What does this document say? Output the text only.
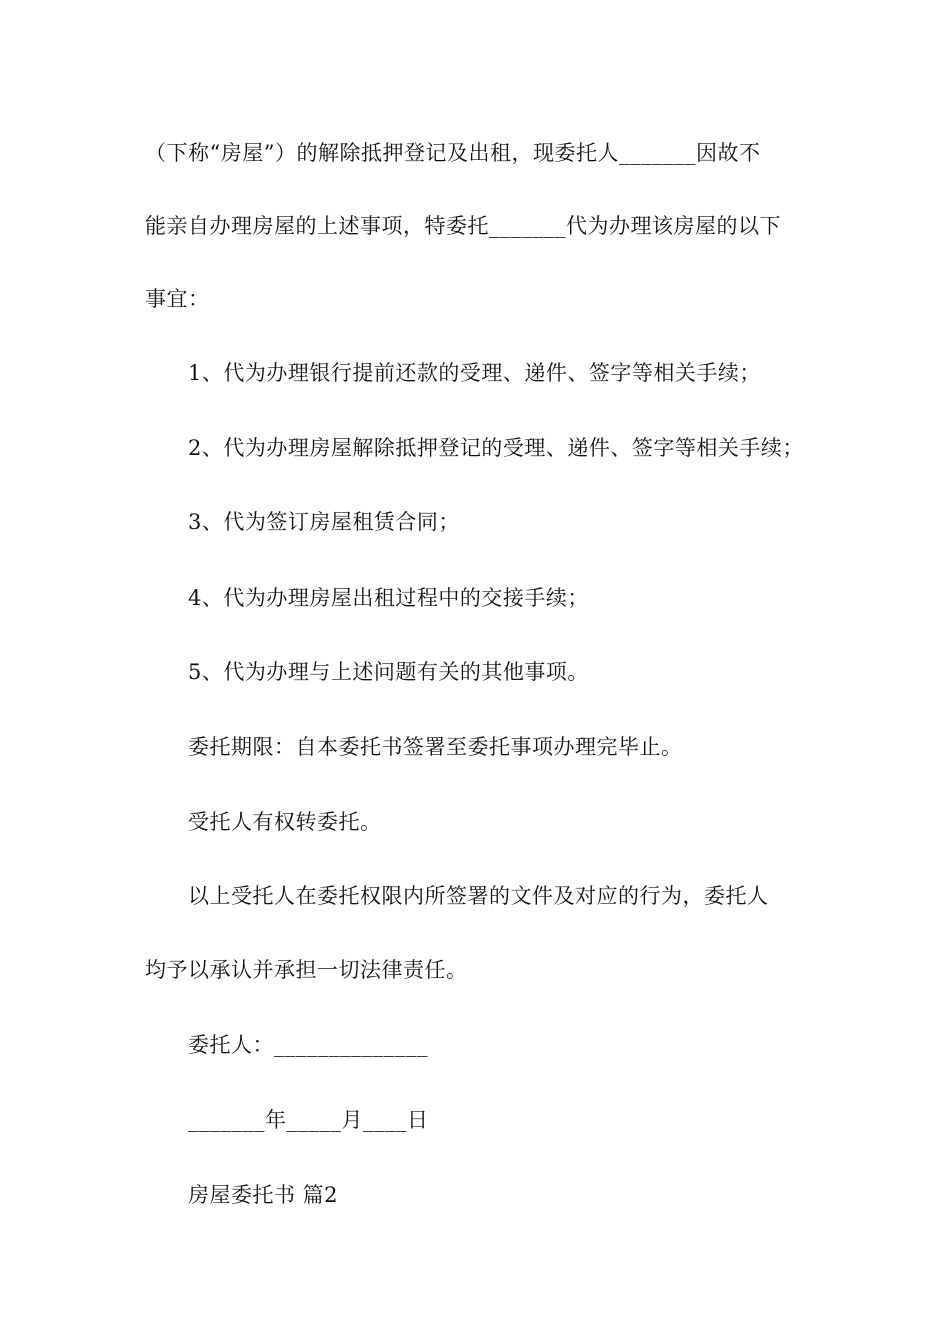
（下称“房屋”）的解除抵押登记及出租，现委托人_______因故不
能亲自办理房屋的上述事项，特委托_______代为办理该房屋的以下
事宜：
1、代为办理银行提前还款的受理、递件、签字等相关手续；
2、代为办理房屋解除抵押登记的受理、递件、签字等相关手续；
3、代为签订房屋租赁合同；
4、代为办理房屋出租过程中的交接手续；
5、代为办理与上述问题有关的其他事项。
委托期限：自本委托书签署至委托事项办理完毕止。
受托人有权转委托。
以上受托人在委托权限内所签署的文件及对应的行为，委托人
均予以承认并承担一切法律责任。
委托人：______________
_______年_____月____日
房屋委托书 篇2
